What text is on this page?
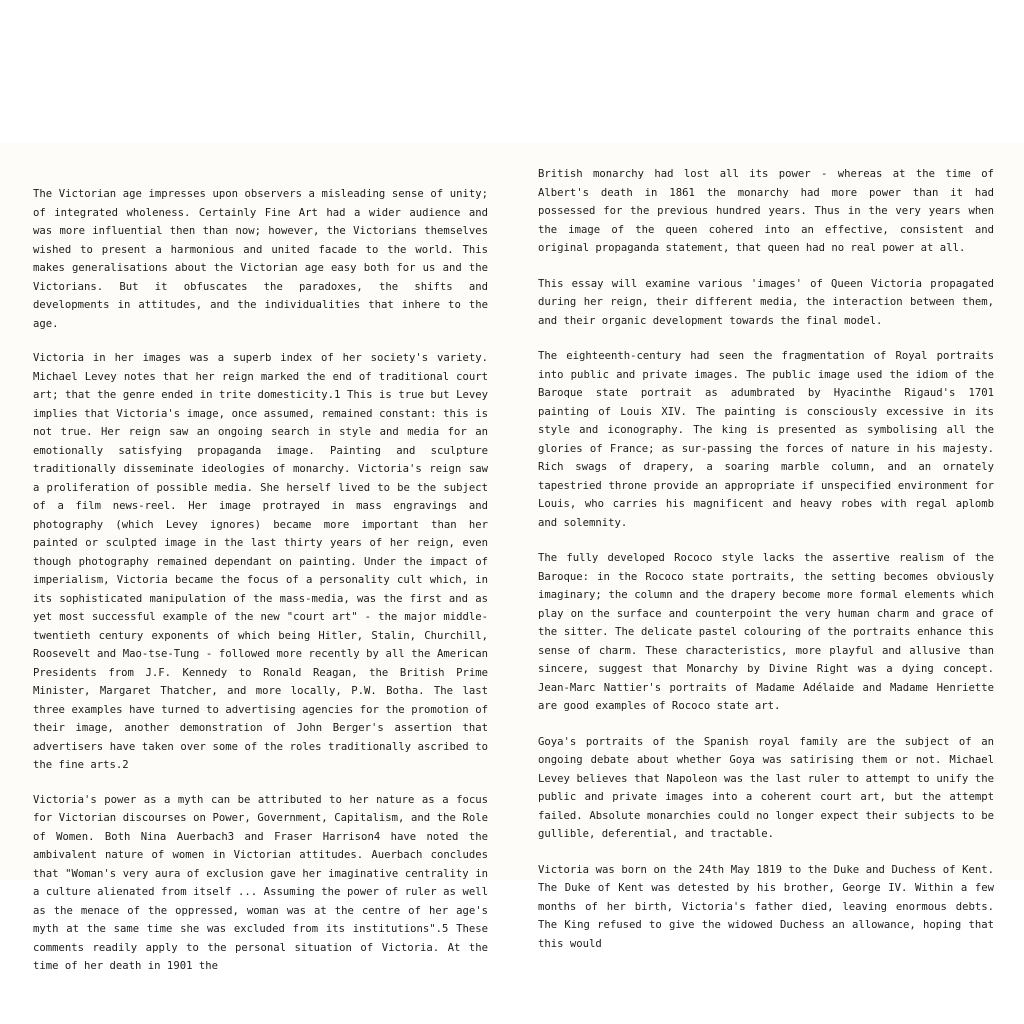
The Victorian age impresses upon observers a misleading sense of unity; of integrated wholeness. Certainly Fine Art had a wider audience and was more influential then than now; however, the Victorians themselves wished to present a harmonious and united facade to the world. This makes generalisations about the Victorian age easy both for us and the Victorians. But it obfuscates the paradoxes, the shifts and developments in attitudes, and the individualities that inhere to the age.

Victoria in her images was a superb index of her society's variety. Michael Levey notes that her reign marked the end of traditional court art; that the genre ended in trite domesticity.1 This is true but Levey implies that Victoria's image, once assumed, remained constant: this is not true. Her reign saw an ongoing search in style and media for an emotionally satisfying propaganda image. Painting and sculpture traditionally disseminate ideologies of monarchy. Victoria's reign saw a proliferation of possible media. She herself lived to be the subject of a film news-reel. Her image protrayed in mass engravings and photography (which Levey ignores) became more important than her painted or sculpted image in the last thirty years of her reign, even though photography remained dependant on painting. Under the impact of imperialism, Victoria became the focus of a personality cult which, in its sophisticated manipulation of the mass-media, was the first and as yet most successful example of the new "court art" - the major middle-twentieth century exponents of which being Hitler, Stalin, Churchill, Roosevelt and Mao-tse-Tung - followed more recently by all the American Presidents from J.F. Kennedy to Ronald Reagan, the British Prime Minister, Margaret Thatcher, and more locally, P.W. Botha. The last three examples have turned to advertising agencies for the promotion of their image, another demonstration of John Berger's assertion that advertisers have taken over some of the roles traditionally ascribed to the fine arts.2

Victoria's power as a myth can be attributed to her nature as a focus for Victorian discourses on Power, Government, Capitalism, and the Role of Women. Both Nina Auerbach3 and Fraser Harrison4 have noted the ambivalent nature of women in Victorian attitudes. Auerbach concludes that "Woman's very aura of exclusion gave her imaginative centrality in a culture alienated from itself ... Assuming the power of ruler as well as the menace of the oppressed, woman was at the centre of her age's myth at the same time she was excluded from its institutions".5 These comments readily apply to the personal situation of Victoria. At the time of her death in 1901 the

British monarchy had lost all its power - whereas at the time of Albert's death in 1861 the monarchy had more power than it had possessed for the previous hundred years. Thus in the very years when the image of the queen cohered into an effective, consistent and original propaganda statement, that queen had no real power at all.

This essay will examine various 'images' of Queen Victoria propagated during her reign, their different media, the interaction between them, and their organic development towards the final model.

The eighteenth-century had seen the fragmentation of Royal portraits into public and private images. The public image used the idiom of the Baroque state portrait as adumbrated by Hyacinthe Rigaud's 1701 painting of Louis XIV. The painting is consciously excessive in its style and iconography. The king is presented as symbolising all the glories of France; as sur-passing the forces of nature in his majesty. Rich swags of drapery, a soaring marble column, and an ornately tapestried throne provide an appropriate if unspecified environment for Louis, who carries his magnificent and heavy robes with regal aplomb and solemnity.

The fully developed Rococo style lacks the assertive realism of the Baroque: in the Rococo state portraits, the setting becomes obviously imaginary; the column and the drapery become more formal elements which play on the surface and counterpoint the very human charm and grace of the sitter. The delicate pastel colouring of the portraits enhance this sense of charm. These characteristics, more playful and allusive than sincere, suggest that Monarchy by Divine Right was a dying concept. Jean-Marc Nattier's portraits of Madame Adélaide and Madame Henriette are good examples of Rococo state art.

Goya's portraits of the Spanish royal family are the subject of an ongoing debate about whether Goya was satirising them or not. Michael Levey believes that Napoleon was the last ruler to attempt to unify the public and private images into a coherent court art, but the attempt failed. Absolute monarchies could no longer expect their subjects to be gullible, deferential, and tractable.

Victoria was born on the 24th May 1819 to the Duke and Duchess of Kent. The Duke of Kent was detested by his brother, George IV. Within a few months of her birth, Victoria's father died, leaving enormous debts. The King refused to give the widowed Duchess an allowance, hoping that this would
